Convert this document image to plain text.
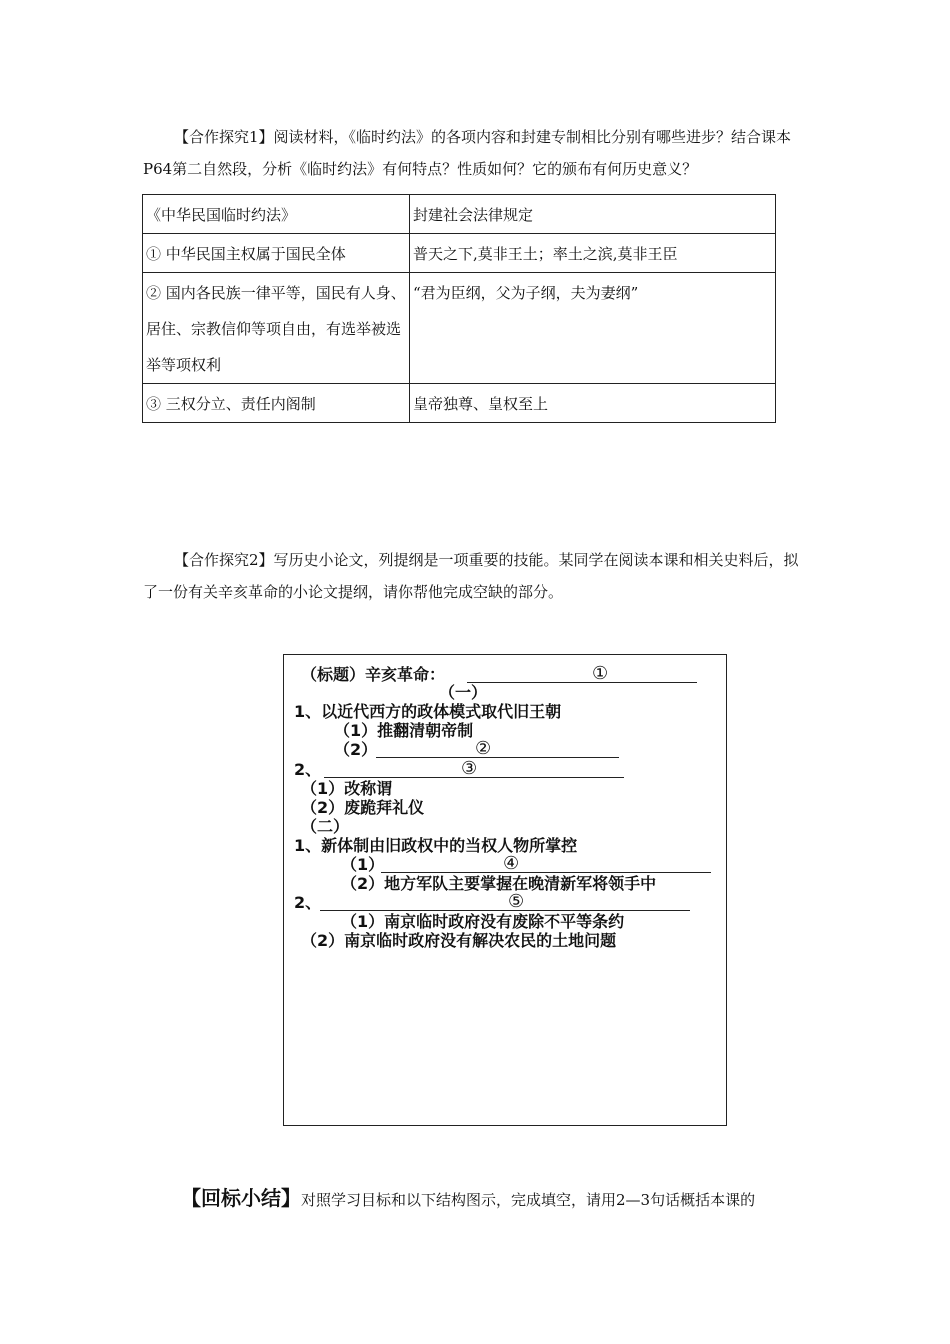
【合作探究1】阅读材料，《临时约法》的各项内容和封建专制相比分别有哪些进步？结合课本P64第二自然段，分析《临时约法》有何特点？性质如何？它的颁布有何历史意义？

《中华民国临时约法》	封建社会法律规定
① 中华民国主权属于国民全体	普天之下,莫非王土；率土之滨,莫非王臣
② 国内各民族一律平等，国民有人身、居住、宗教信仰等项自由，有选举被选举等项权利	“君为臣纲，父为子纲，夫为妻纲”
③ 三权分立、责任内阁制	皇帝独尊、皇权至上

【合作探究2】写历史小论文，列提纲是一项重要的技能。某同学在阅读本课和相关史料后，拟了一份有关辛亥革命的小论文提纲，请你帮他完成空缺的部分。

（标题）辛亥革命：	①
（一）
1、以近代西方的政体模式取代旧王朝
（1）推翻清朝帝制
（2）	②
2、	③
（1）改称谓
（2）废跪拜礼仪
（二）
1、新体制由旧政权中的当权人物所掌控
（1）	④
（2）地方军队主要掌握在晚清新军将领手中
2、	⑤
（1）南京临时政府没有废除不平等条约
（2）南京临时政府没有解决农民的土地问题
【回标小结】对照学习目标和以下结构图示，完成填空，请用2—3句话概括本课的
